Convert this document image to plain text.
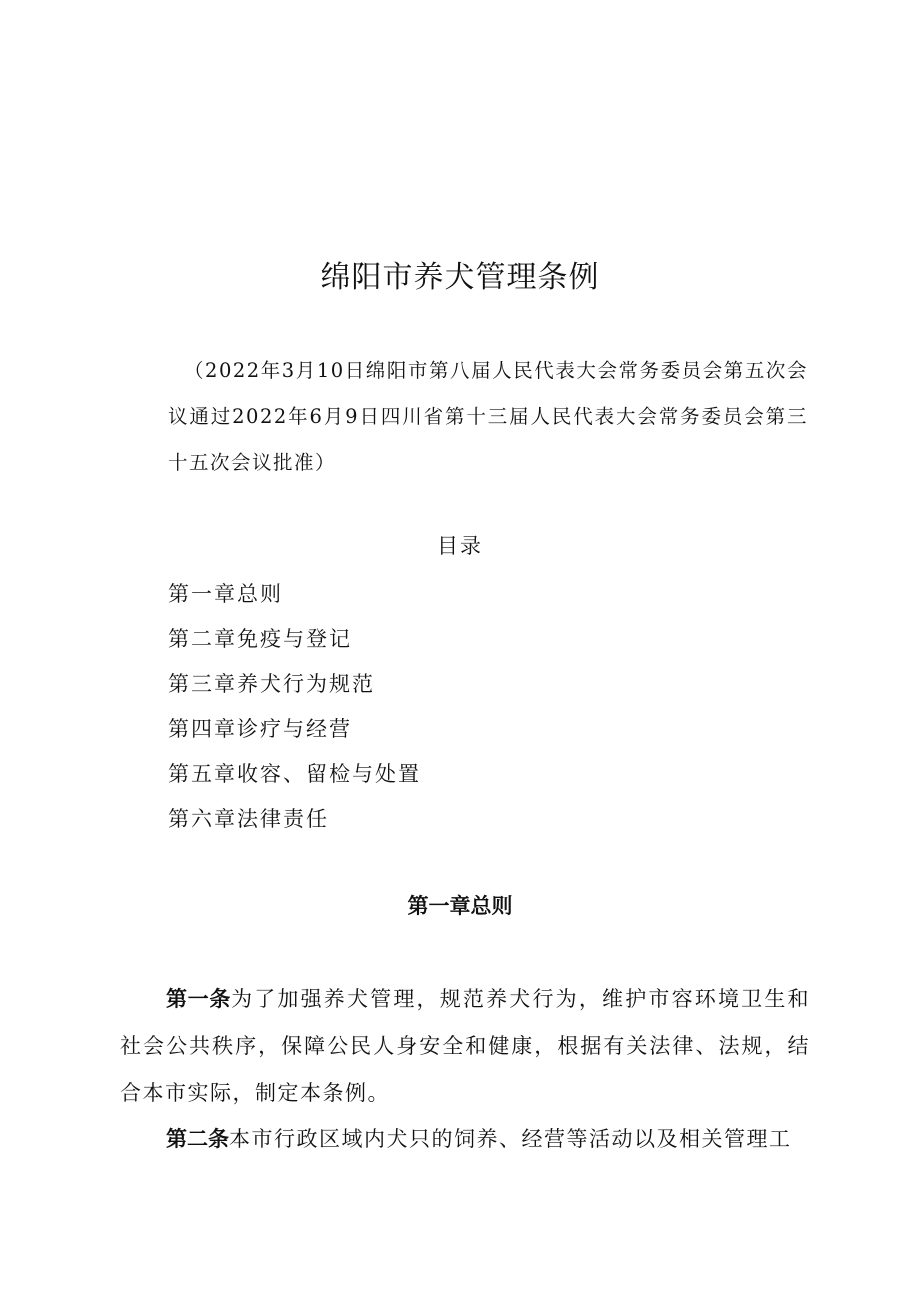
绵阳市养犬管理条例
（2022年3月10日绵阳市第八届人民代表大会常务委员会第五次会议通过2022年6月9日四川省第十三届人民代表大会常务委员会第三十五次会议批准）
目录
第一章总则
第二章免疫与登记
第三章养犬行为规范
第四章诊疗与经营
第五章收容、留检与处置
第六章法律责任
第一章总则

第一条为了加强养犬管理，规范养犬行为，维护市容环境卫生和社会公共秩序，保障公民人身安全和健康，根据有关法律、法规，结合本市实际，制定本条例。

第二条本市行政区域内犬只的饲养、经营等活动以及相关管理工
